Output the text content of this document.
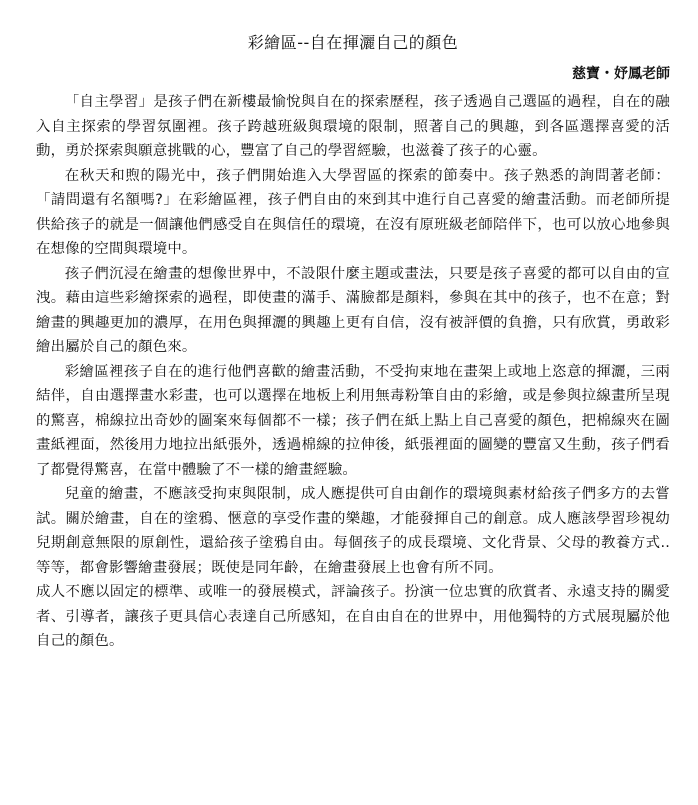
彩繪區--自在揮灑自己的顏色
慈寶・妤鳳老師

「自主學習」是孩子們在新樓最愉悅與自在的探索歷程，孩子透過自己選區的過程，自在的融入自主探索的學習氛圍裡。孩子跨越班級與環境的限制，照著自己的興趣，到各區選擇喜愛的活動，勇於探索與願意挑戰的心，豐富了自己的學習經驗，也滋養了孩子的心靈。

在秋天和煦的陽光中，孩子們開始進入大學習區的探索的節奏中。孩子熟悉的詢問著老師：「請問還有名額嗎?」在彩繪區裡，孩子們自由的來到其中進行自己喜愛的繪畫活動。而老師所提供給孩子的就是一個讓他們感受自在與信任的環境，在沒有原班級老師陪伴下，也可以放心地參與在想像的空間與環境中。

孩子們沉浸在繪畫的想像世界中，不設限什麼主題或畫法，只要是孩子喜愛的都可以自由的宣洩。藉由這些彩繪探索的過程，即使畫的滿手、滿臉都是顏料，參與在其中的孩子，也不在意；對繪畫的興趣更加的濃厚，在用色與揮灑的興趣上更有自信，沒有被評價的負擔，只有欣賞，勇敢彩繪出屬於自己的顏色來。

彩繪區裡孩子自在的進行他們喜歡的繪畫活動，不受拘束地在畫架上或地上恣意的揮灑，三兩結伴，自由選擇畫水彩畫，也可以選擇在地板上利用無毒粉筆自由的彩繪，或是參與拉線畫所呈現的驚喜，棉線拉出奇妙的圖案來每個都不一樣；孩子們在紙上點上自己喜愛的顏色，把棉線夾在圖畫紙裡面，然後用力地拉出紙張外，透過棉線的拉伸後，紙張裡面的圖變的豐富又生動，孩子們看了都覺得驚喜，在當中體驗了不一樣的繪畫經驗。

兒童的繪畫，不應該受拘束與限制，成人應提供可自由創作的環境與素材給孩子們多方的去嘗試。關於繪畫，自在的塗鴉、愜意的享受作畫的樂趣，才能發揮自己的創意。成人應該學習珍視幼兒期創意無限的原創性，還給孩子塗鴉自由。每個孩子的成長環境、文化背景、父母的教養方式..等等，都會影響繪畫發展；既使是同年齡，在繪畫發展上也會有所不同。

成人不應以固定的標準、或唯一的發展模式，評論孩子。扮演一位忠實的欣賞者、永遠支持的關愛者、引導者，讓孩子更具信心表達自己所感知，在自由自在的世界中，用他獨特的方式展現屬於他自己的顏色。
